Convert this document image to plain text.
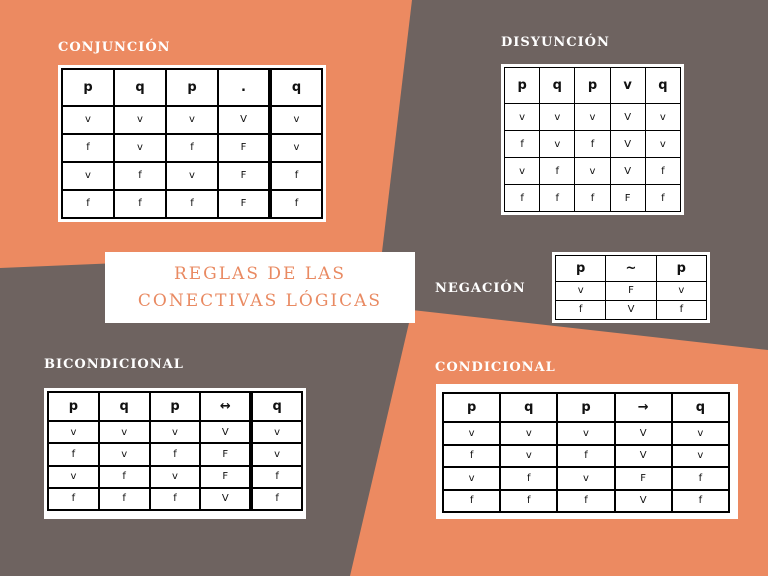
CONJUNCIÓN	DISYUNCIÓN
NEGACIÓN
BICONDICIONAL	CONDICIONAL
REGLAS DE LAS
CONECTIVAS LÓGICAS
p	q	p	.	q
v	v	v	V	v
f	v	f	F	v
v	f	v	F	f
f	f	f	F	f
p	q	p	v	q
v	v	v	V	v
f	v	f	V	v
v	f	v	V	f
f	f	f	F	f
p	~	p
v	F	v
f	V	f
p	q	p	↔	q
v	v	v	V	v
f	v	f	F	v
v	f	v	F	f
f	f	f	V	f
p	q	p	→	q
v	v	v	V	v
f	v	f	V	v
v	f	v	F	f
f	f	f	V	f
